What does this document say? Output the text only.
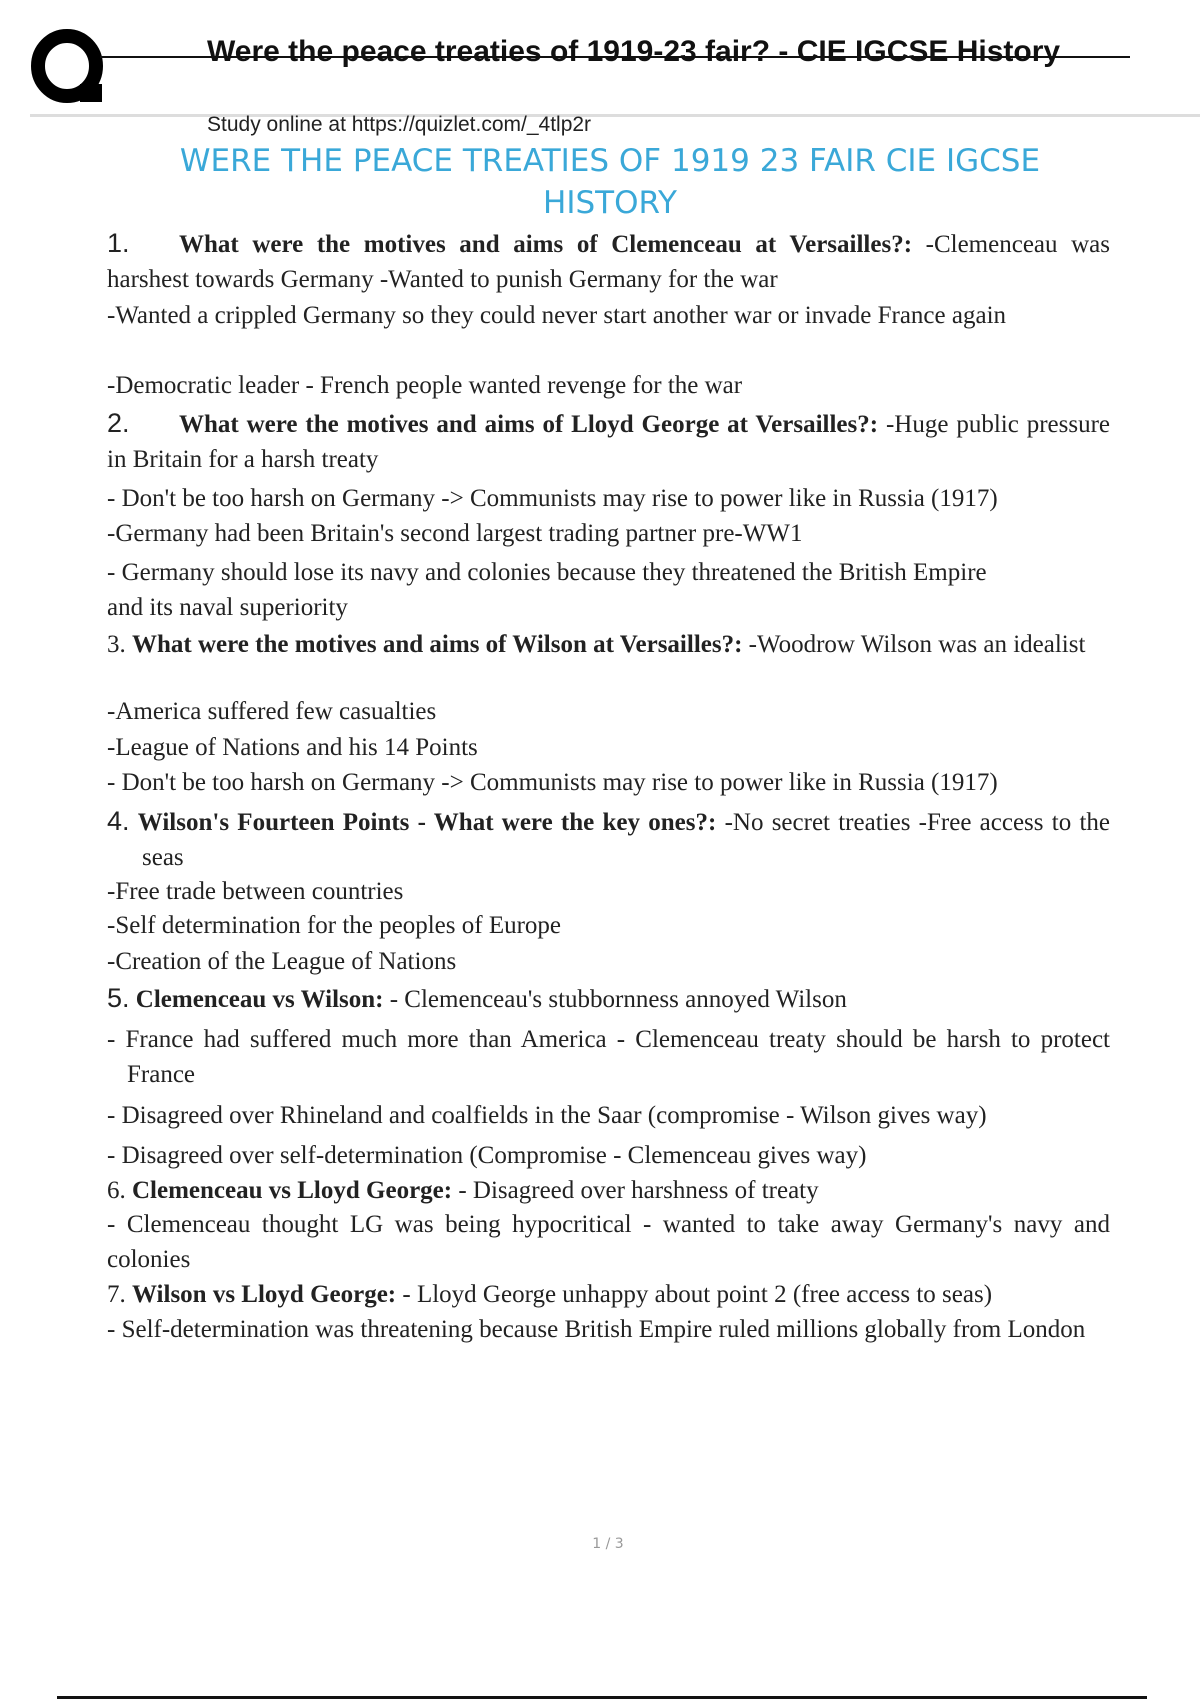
Were the peace treaties of 1919-23 fair? - CIE IGCSE History
Study online at https://quizlet.com/_4tlp2r
WERE THE PEACE TREATIES OF 1919 23 FAIR CIE IGCSE HISTORY
1. What were the motives and aims of Clemenceau at Versailles?: -Clemenceau was harshest towards Germany -Wanted to punish Germany for the war
-Wanted a crippled Germany so they could never start another war or invade France again
-Democratic leader - French people wanted revenge for the war
2. What were the motives and aims of Lloyd George at Versailles?: -Huge public pressure in Britain for a harsh treaty
- Don't be too harsh on Germany -> Communists may rise to power like in Russia (1917)
-Germany had been Britain's second largest trading partner pre-WW1
- Germany should lose its navy and colonies because they threatened the British Empire and its naval superiority
3. What were the motives and aims of Wilson at Versailles?: -Woodrow Wilson was an idealist
-America suffered few casualties
-League of Nations and his 14 Points
- Don't be too harsh on Germany -> Communists may rise to power like in Russia (1917)
4. Wilson's Fourteen Points - What were the key ones?: -No secret treaties -Free access to the seas
-Free trade between countries
-Self determination for the peoples of Europe
-Creation of the League of Nations
5. Clemenceau vs Wilson: - Clemenceau's stubbornness annoyed Wilson
- France had suffered much more than America - Clemenceau treaty should be harsh to protect France
- Disagreed over Rhineland and coalfields in the Saar (compromise - Wilson gives way)
- Disagreed over self-determination (Compromise - Clemenceau gives way)
6. Clemenceau vs Lloyd George: - Disagreed over harshness of treaty
- Clemenceau thought LG was being hypocritical - wanted to take away Germany's navy and colonies
7. Wilson vs Lloyd George: - Lloyd George unhappy about point 2 (free access to seas)
- Self-determination was threatening because British Empire ruled millions globally from London
1 / 3
